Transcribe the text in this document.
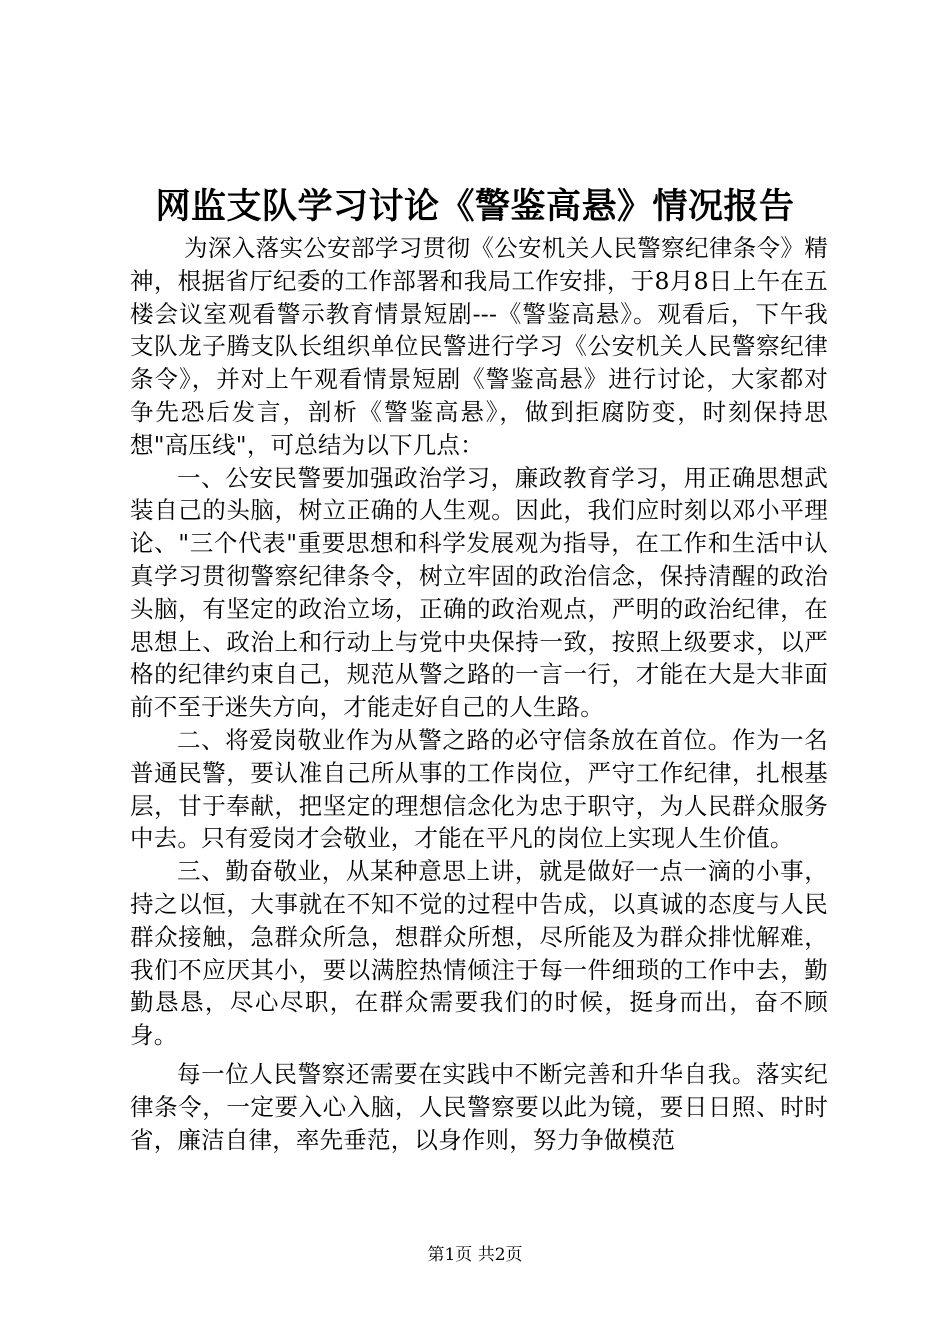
网监支队学习讨论《警鉴高悬》情况报告

为深入落实公安部学习贯彻《公安机关人民警察纪律条令》精神，根据省厅纪委的工作部署和我局工作安排，于8月8日上午在五楼会议室观看警示教育情景短剧---《警鉴高悬》。观看后，下午我支队龙子腾支队长组织单位民警进行学习《公安机关人民警察纪律条令》，并对上午观看情景短剧《警鉴高悬》进行讨论，大家都对争先恐后发言，剖析《警鉴高悬》，做到拒腐防变，时刻保持思想"高压线"，可总结为以下几点：

一、公安民警要加强政治学习，廉政教育学习，用正确思想武装自己的头脑，树立正确的人生观。因此，我们应时刻以邓小平理论、"三个代表"重要思想和科学发展观为指导，在工作和生活中认真学习贯彻警察纪律条令，树立牢固的政治信念，保持清醒的政治头脑，有坚定的政治立场，正确的政治观点，严明的政治纪律，在思想上、政治上和行动上与党中央保持一致，按照上级要求，以严格的纪律约束自己，规范从警之路的一言一行，才能在大是大非面前不至于迷失方向，才能走好自己的人生路。

二、将爱岗敬业作为从警之路的必守信条放在首位。作为一名普通民警，要认准自己所从事的工作岗位，严守工作纪律，扎根基层，甘于奉献，把坚定的理想信念化为忠于职守，为人民群众服务中去。只有爱岗才会敬业，才能在平凡的岗位上实现人生价值。

三、勤奋敬业，从某种意思上讲，就是做好一点一滴的小事，持之以恒，大事就在不知不觉的过程中告成，以真诚的态度与人民群众接触，急群众所急，想群众所想，尽所能及为群众排忧解难，我们不应厌其小，要以满腔热情倾注于每一件细琐的工作中去，勤勤恳恳，尽心尽职，在群众需要我们的时候，挺身而出，奋不顾身。

每一位人民警察还需要在实践中不断完善和升华自我。落实纪律条令，一定要入心入脑，人民警察要以此为镜，要日日照、时时省，廉洁自律，率先垂范，以身作则，努力争做模范

第1页 共2页
